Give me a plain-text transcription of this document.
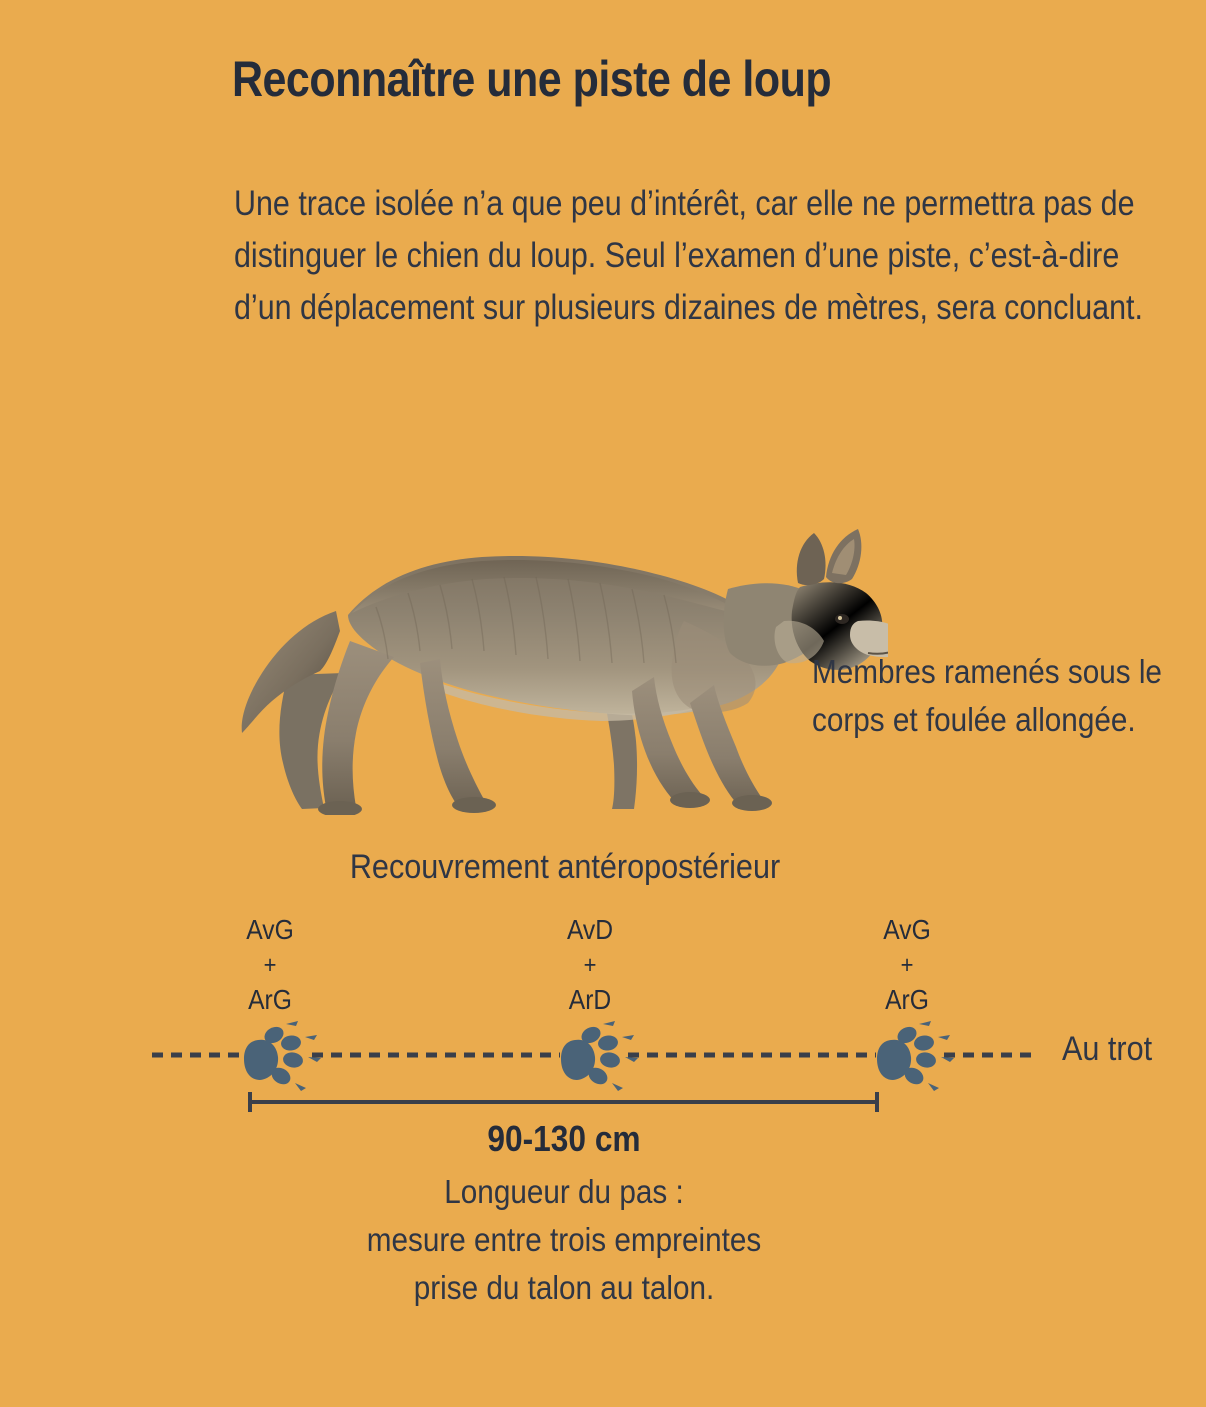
Reconnaître une piste de loup
Une trace isolée n’a que peu d’intérêt, car elle ne permettra pas de distinguer le chien du loup. Seul l’examen d’une piste, c’est-à-dire d’un déplacement sur plusieurs dizaines de mètres, sera concluant.
Membres ramenés sous le corps et foulée allongée.
Recouvrement antéropostérieur
AvG
+
ArG
AvD
+
ArD
AvG
+
ArG
Au trot
90-130 cm
Longueur du pas :
mesure entre trois empreintes
prise du talon au talon.
